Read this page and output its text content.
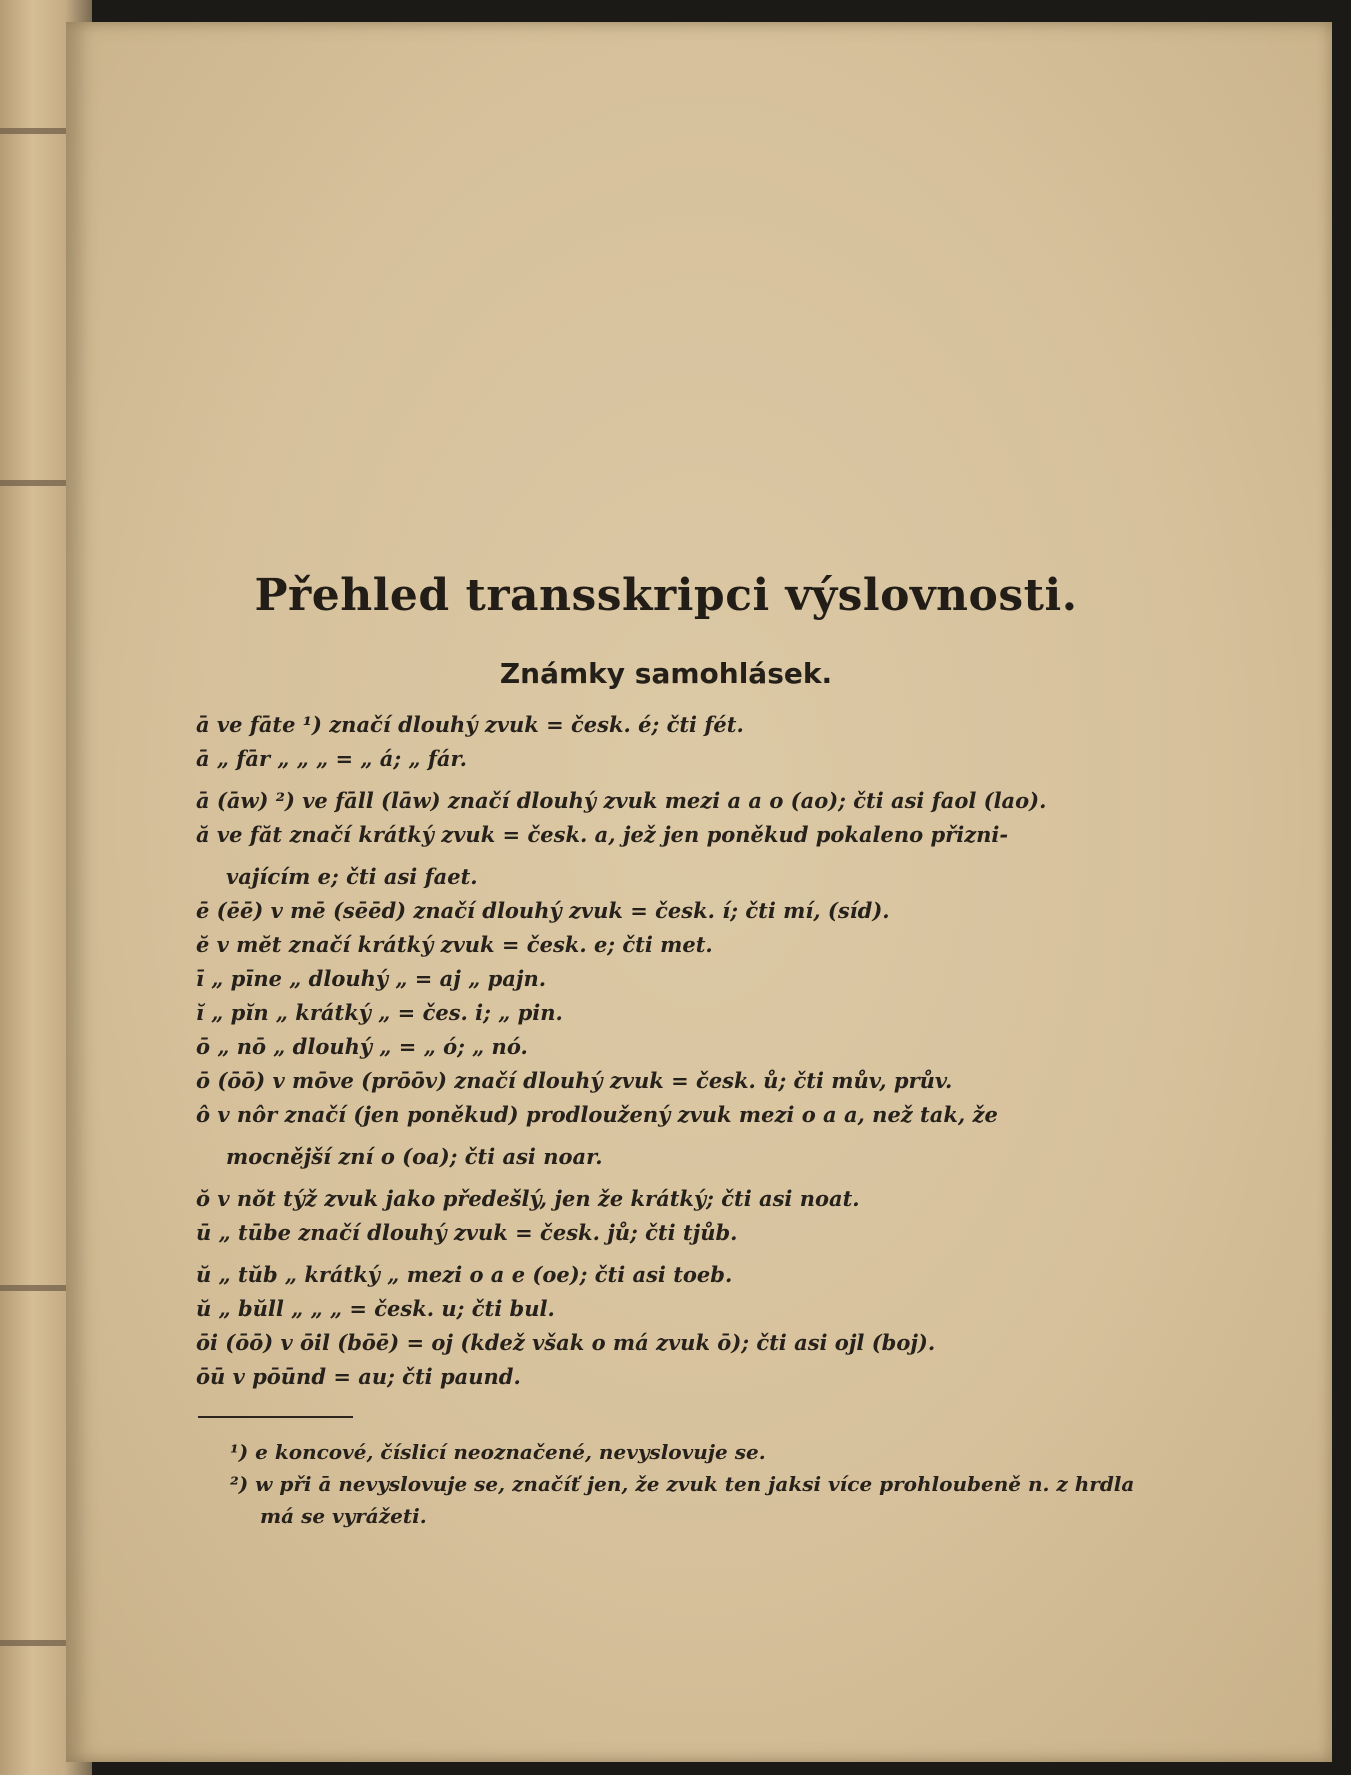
Přehled transskripci výslovnosti.
Známky samohlásek.
ā ve fāte ¹) značí dlouhý zvuk = česk. é; čti fét.
ā „ fār „ „ „ = „ á; „ fár.
ā (āw) ²) ve fāll (lāw) značí dlouhý zvuk mezi a a o (ao); čti asi faol (lao).
ă ve făt značí krátký zvuk = česk. a, jež jen poněkud pokaleno přizni-
vajícím e; čti asi faet.
ē (ēē) v mē (sēēd) značí dlouhý zvuk = česk. í; čti mí, (síd).
ĕ v mĕt značí krátký zvuk = česk. e; čti met.
ī „ pīne „ dlouhý „ = aj „ pajn.
ĭ „ pĭn „ krátký „ = čes. i; „ pin.
ō „ nō „ dlouhý „ = „ ó; „ nó.
ō (ōō) v mōve (prōōv) značí dlouhý zvuk = česk. ů; čti mův, prův.
ô v nôr značí (jen poněkud) prodloužený zvuk mezi o a a, než tak, že
mocnější zní o (oa); čti asi noar.
ŏ v nŏt týž zvuk jako předešlý, jen že krátký; čti asi noat.
ū „ tūbe značí dlouhý zvuk = česk. jů; čti tjůb.
ŭ „ tŭb „ krátký „ mezi o a e (oe); čti asi toeb.
ŭ „ bŭll „ „ „ = česk. u; čti bul.
ōi (ōō) v ōil (bōē) = oj (kdež však o má zvuk ō); čti asi ojl (boj).
ōū v pōūnd = au; čti paund.
¹) e koncové, číslicí neoznačené, nevyslovuje se.
²) w při ā nevyslovuje se, značíť jen, že zvuk ten jaksi více prohloubeně n. z hrdla má se vyrážeti.
